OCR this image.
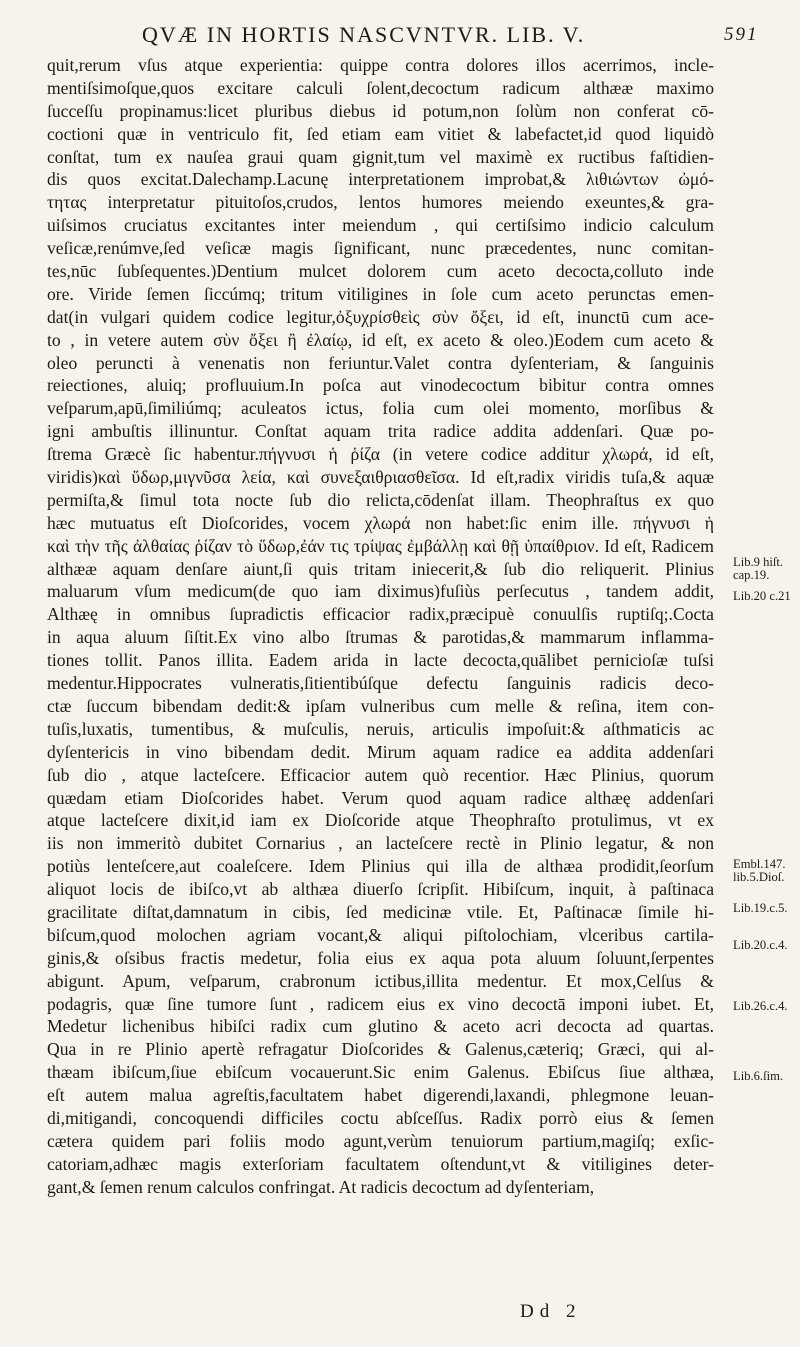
QVÆ IN HORTIS NASCVNTVR. LIB. V.	591
quit,rerum vſus atque experientia: quippe contra dolores illos acerrimos, incle-
mentiſsimoſque,quos excitare calculi ſolent,decoctum radicum althææ maximo
ſucceſſu propinamus:licet pluribus diebus id potum,non ſolùm non conferat cō-
coctioni quæ in ventriculo fit, ſed etiam eam vitiet & labefactet,id quod liquidò
conſtat, tum ex nauſea graui quam gignit,tum vel maximè ex ructibus faſtidien-
dis quos excitat.Dalechamp.Lacunę interpretationem improbat,& λιθιώντων ὠμό-
τητας interpretatur pituitoſos,crudos, lentos humores meiendo exeuntes,& gra-
uiſsimos cruciatus excitantes inter meiendum , qui certiſsimo indicio calculum
veſicæ,renúmve,ſed veſicæ magis ſignificant, nunc præcedentes, nunc comitan-
tes,nūc ſubſequentes.)Dentium mulcet dolorem cum aceto decocta,colluto inde
ore. Viride ſemen ſiccúmq; tritum vitiligines in ſole cum aceto perunctas emen-
dat(in vulgari quidem codice legitur,ὀξυχρίσθεὶς σὺν ὄξει, id eſt, inunctū cum ace-
to , in vetere autem σὺν ὄξει ἢ ἐλαίῳ, id eſt, ex aceto & oleo.)Eodem cum aceto &
oleo peruncti à venenatis non feriuntur.Valet contra dyſenteriam, & ſanguinis
reiectiones, aluiq; profluuium.In poſca aut vinodecoctum bibitur contra omnes
veſparum,apū,ſimiliúmq; aculeatos ictus, folia cum olei momento, morſibus &
igni ambuſtis illinuntur. Conſtat aquam trita radice addita addenſari. Quæ po-
ſtrema Græcè ſic habentur.πήγνυσι ἡ ῥίζα (in vetere codice additur χλωρά, id eſt,
viridis)καὶ ὕδωρ,μιγνῦσα λεία, καὶ συνεξαιθριασθεῖσα. Id eſt,radix viridis tuſa,& aquæ
permiſta,& ſimul tota nocte ſub dio relicta,cōdenſat illam. Theophraſtus ex quo
hæc mutuatus eſt Dioſcorides, vocem χλωρά non habet:ſic enim ille. πήγνυσι ἡ
καὶ τὴν τῆς ἀλθαίας ῥίζαν τὸ ὕδωρ,ἐάν τις τρίψας ἐμβάλλῃ καὶ θῇ ὑπαίθριον. Id eſt, Radicem
althææ aquam denſare aiunt,ſi quis tritam iniecerit,& ſub dio reliquerit. Plinius
maluarum vſum medicum(de quo iam diximus)fuſiùs perſecutus , tandem addit,
Althæę in omnibus ſupradictis efficacior radix,præcipuè conuulſis ruptiſq;.Cocta
in aqua aluum ſiſtit.Ex vino albo ſtrumas & parotidas,& mammarum inflamma-
tiones tollit. Panos illita. Eadem arida in lacte decocta,quālibet pernicioſæ tuſsi
medentur.Hippocrates vulneratis,ſitientibúſque defectu ſanguinis radicis deco-
ctæ ſuccum bibendam dedit:& ipſam vulneribus cum melle & reſina, item con-
tuſis,luxatis, tumentibus, & muſculis, neruis, articulis impoſuit:& aſthmaticis ac
dyſentericis in vino bibendam dedit. Mirum aquam radice ea addita addenſari
ſub dio , atque lacteſcere. Efficacior autem quò recentior. Hæc Plinius, quorum
quædam etiam Dioſcorides habet. Verum quod aquam radice althæę addenſari
atque lacteſcere dixit,id iam ex Dioſcoride atque Theophraſto protulimus, vt ex
iis non immeritò dubitet Cornarius , an lacteſcere rectè in Plinio legatur, & non
potiùs lenteſcere,aut coaleſcere. Idem Plinius qui illa de althæa prodidit,ſeorſum
aliquot locis de ibiſco,vt ab althæa diuerſo ſcripſit. Hibiſcum, inquit, à paſtinaca
gracilitate diſtat,damnatum in cibis, ſed medicinæ vtile. Et, Paſtinacæ ſimile hi-
biſcum,quod molochen agriam vocant,& aliqui piſtolochiam, vlceribus cartila-
ginis,& oſsibus fractis medetur, folia eius ex aqua pota aluum ſoluunt,ſerpentes
abigunt. Apum, veſparum, crabronum ictibus,illita medentur. Et mox,Celſus &
podagris, quæ ſine tumore ſunt , radicem eius ex vino decoctā imponi iubet. Et,
Medetur lichenibus hibiſci radix cum glutino & aceto acri decocta ad quartas.
Qua in re Plinio apertè refragatur Dioſcorides & Galenus,cæteriq; Græci, qui al-
thæam ibiſcum,ſiue ebiſcum vocauerunt.Sic enim Galenus. Ebiſcus ſiue althæa,
eſt autem malua agreſtis,facultatem habet digerendi,laxandi, phlegmone leuan-
di,mitigandi, concoquendi difficiles coctu abſceſſus. Radix porrò eius & ſemen
cætera quidem pari foliis modo agunt,verùm tenuiorum partium,magiſq; exſic-
catoriam,adhæc magis exterſoriam facultatem oſtendunt,vt & vitiligines deter-
gant,& ſemen renum calculos confringat. At radicis decoctum ad dyſenteriam,
Lib.9 hiſt.
cap.19.
Lib.20 c.21
Embl.147.
lib.5.Dioſ.
Lib.19.c.5.
Lib.20.c.4.
Lib.26.c.4.
Lib.6.ſim.
Dd 2
